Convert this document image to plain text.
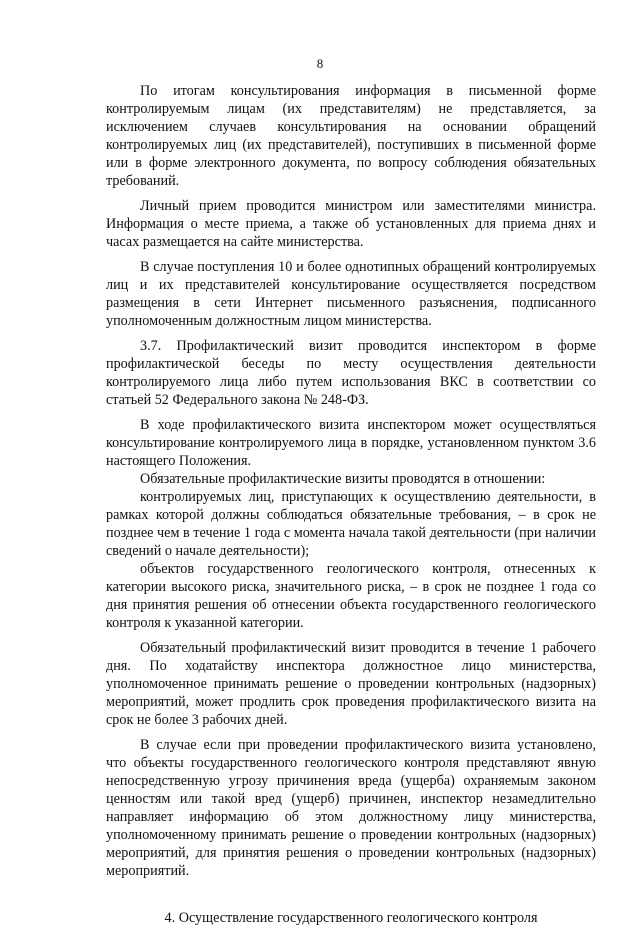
8

По итогам консультирования информация в письменной форме контролируемым лицам (их представителям) не представляется, за исключением случаев консультирования на основании обращений контролируемых лиц (их представителей), поступивших в письменной форме или в форме электронного документа, по вопросу соблюдения обязательных требований.

Личный прием проводится министром или заместителями министра. Информация о месте приема, а также об установленных для приема днях и часах размещается на сайте министерства.

В случае поступления 10 и более однотипных обращений контролируемых лиц и их представителей консультирование осуществляется посредством размещения в сети Интернет письменного разъяснения, подписанного уполномоченным должностным лицом министерства.

3.7. Профилактический визит проводится инспектором в форме профилактической беседы по месту осуществления деятельности контролируемого лица либо путем использования ВКС в соответствии со статьей 52 Федерального закона № 248-ФЗ.

В ходе профилактического визита инспектором может осуществляться консультирование контролируемого лица в порядке, установленном пунктом 3.6 настоящего Положения.

Обязательные профилактические визиты проводятся в отношении:

контролируемых лиц, приступающих к осуществлению деятельности, в рамках которой должны соблюдаться обязательные требования, – в срок не позднее чем в течение 1 года с момента начала такой деятельности (при наличии сведений о начале деятельности);

объектов государственного геологического контроля, отнесенных к категории высокого риска, значительного риска, – в срок не позднее 1 года со дня принятия решения об отнесении объекта государственного геологического контроля к указанной категории.

Обязательный профилактический визит проводится в течение 1 рабочего дня. По ходатайству инспектора должностное лицо министерства, уполномоченное принимать решение о проведении контрольных (надзорных) мероприятий, может продлить срок проведения профилактического визита на срок не более 3 рабочих дней.

В случае если при проведении профилактического визита установлено, что объекты государственного геологического контроля представляют явную непосредственную угрозу причинения вреда (ущерба) охраняемым законом ценностям или такой вред (ущерб) причинен, инспектор незамедлительно направляет информацию об этом должностному лицу министерства, уполномоченному принимать решение о проведении контрольных (надзорных) мероприятий, для принятия решения о проведении контрольных (надзорных) мероприятий.

4. Осуществление государственного геологического контроля
